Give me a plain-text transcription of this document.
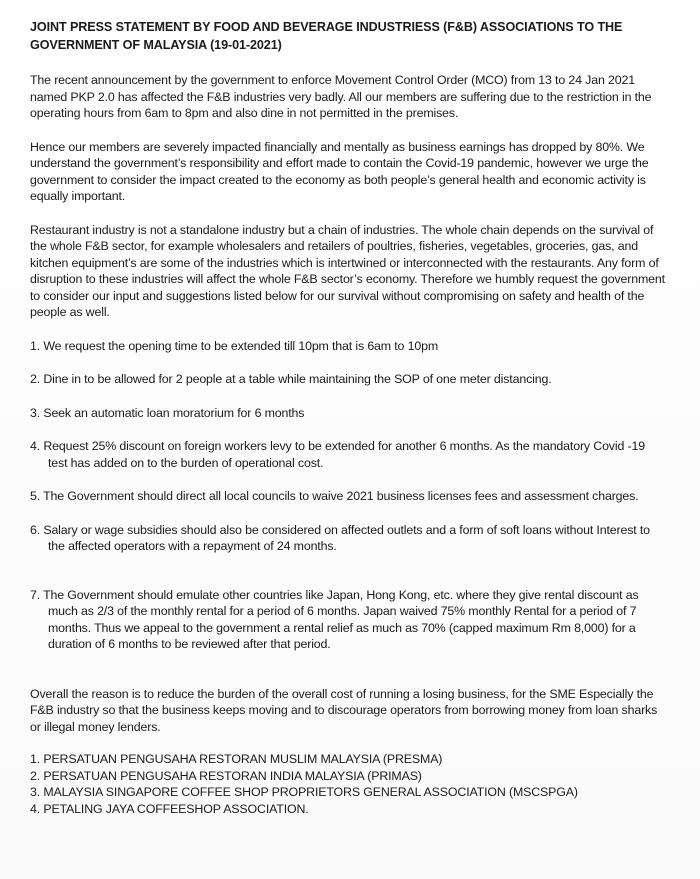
JOINT PRESS STATEMENT BY FOOD AND BEVERAGE INDUSTRIESS (F&B) ASSOCIATIONS TO THE GOVERNMENT OF MALAYSIA (19-01-2021)

The recent announcement by the government to enforce Movement Control Order (MCO) from 13 to 24 Jan 2021 named PKP 2.0 has affected the F&B industries very badly. All our members are suffering due to the restriction in the operating hours from 6am to 8pm and also dine in not permitted in the premises.

Hence our members are severely impacted financially and mentally as business earnings has dropped by 80%. We understand the government’s responsibility and effort made to contain the Covid-19 pandemic, however we urge the government to consider the impact created to the economy as both people’s general health and economic activity is equally important.

Restaurant industry is not a standalone industry but a chain of industries. The whole chain depends on the survival of the whole F&B sector, for example wholesalers and retailers of poultries, fisheries, vegetables, groceries, gas, and kitchen equipment’s are some of the industries which is intertwined or interconnected with the restaurants. Any form of disruption to these industries will affect the whole F&B sector’s economy. Therefore we humbly request the government to consider our input and suggestions listed below for our survival without compromising on safety and health of the people as well.

1. We request the opening time to be extended till 10pm that is 6am to 10pm

2. Dine in to be allowed for 2 people at a table while maintaining the SOP of one meter distancing.

3. Seek an automatic loan moratorium for 6 months

4. Request 25% discount on foreign workers levy to be extended for another 6 months. As the mandatory Covid -19 test has added on to the burden of operational cost.

5. The Government should direct all local councils to waive 2021 business licenses fees and assessment charges.

6. Salary or wage subsidies should also be considered on affected outlets and a form of soft loans without Interest to the affected operators with a repayment of 24 months.

7. The Government should emulate other countries like Japan, Hong Kong, etc. where they give rental discount as much as 2/3 of the monthly rental for a period of 6 months. Japan waived 75% monthly Rental for a period of 7 months. Thus we appeal to the government a rental relief as much as 70% (capped maximum Rm 8,000) for a duration of 6 months to be reviewed after that period.

Overall the reason is to reduce the burden of the overall cost of running a losing business, for the SME Especially the F&B industry so that the business keeps moving and to discourage operators from borrowing money from loan sharks or illegal money lenders.

1. PERSATUAN PENGUSAHA RESTORAN MUSLIM MALAYSIA (PRESMA)

2. PERSATUAN PENGUSAHA RESTORAN INDIA MALAYSIA (PRIMAS)

3. MALAYSIA SINGAPORE COFFEE SHOP PROPRIETORS GENERAL ASSOCIATION (MSCSPGA)

4. PETALING JAYA COFFEESHOP ASSOCIATION.
